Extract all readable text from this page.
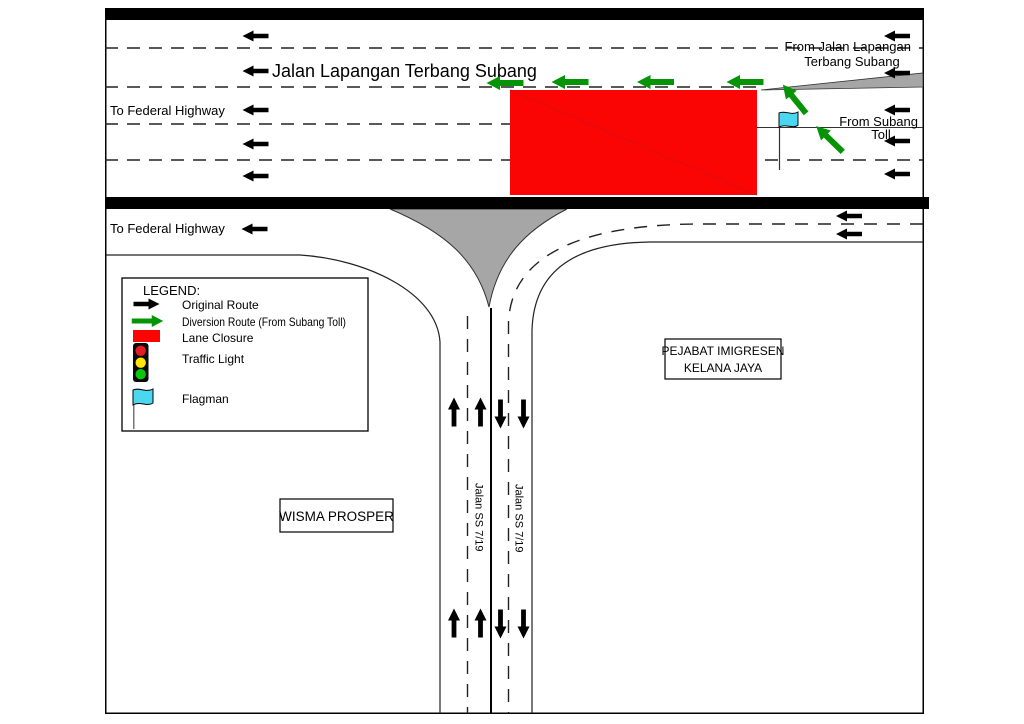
Jalan Lapangan Terbang Subang
To Federal Highway
To Federal Highway
From Jalan Lapangan
Terbang Subang
From Subang
Toll
Jalan SS 7/19	Jalan SS 7/19
PEJABAT IMIGRESEN
KELANA JAYA
WISMA PROSPER
LEGEND:
Original Route
Diversion Route (From Subang Toll)
Lane Closure
Traffic Light
Flagman
